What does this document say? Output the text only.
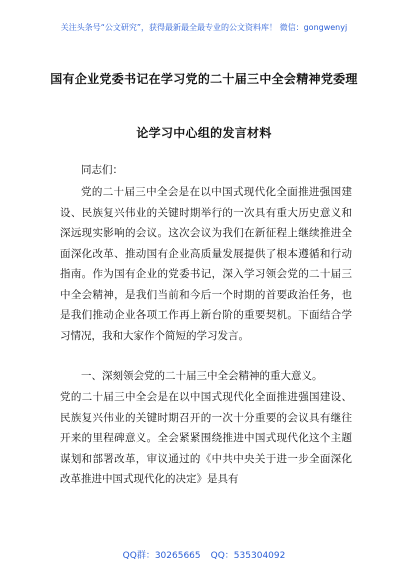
关注头条号“公文研究”，获得最新最全最专业的公文资料库！ 微信：gongwenyj
国有企业党委书记在学习党的二十届三中全会精神党委理
论学习中心组的发言材料
同志们：
党的二十届三中全会是在以中国式现代化全面推进强国建设、民族复兴伟业的关键时期举行的一次具有重大历史意义和深远现实影响的会议。这次会议为我们在新征程上继续推进全面深化改革、推动国有企业高质量发展提供了根本遵循和行动指南。作为国有企业的党委书记，深入学习领会党的二十届三中全会精神，是我们当前和今后一个时期的首要政治任务，也是我们推动企业各项工作再上新台阶的重要契机。下面结合学习情况，我和大家作个简短的学习发言。
一、深刻领会党的二十届三中全会精神的重大意义。
党的二十届三中全会是在以中国式现代化全面推进强国建设、民族复兴伟业的关键时期召开的一次十分重要的会议具有继往开来的里程碑意义。全会紧紧围绕推进中国式现代化这个主题谋划和部署改革，审议通过的《中共中央关于进一步全面深化改革推进中国式现代化的决定》是具有
QQ群：30265665 QQ：535304092
